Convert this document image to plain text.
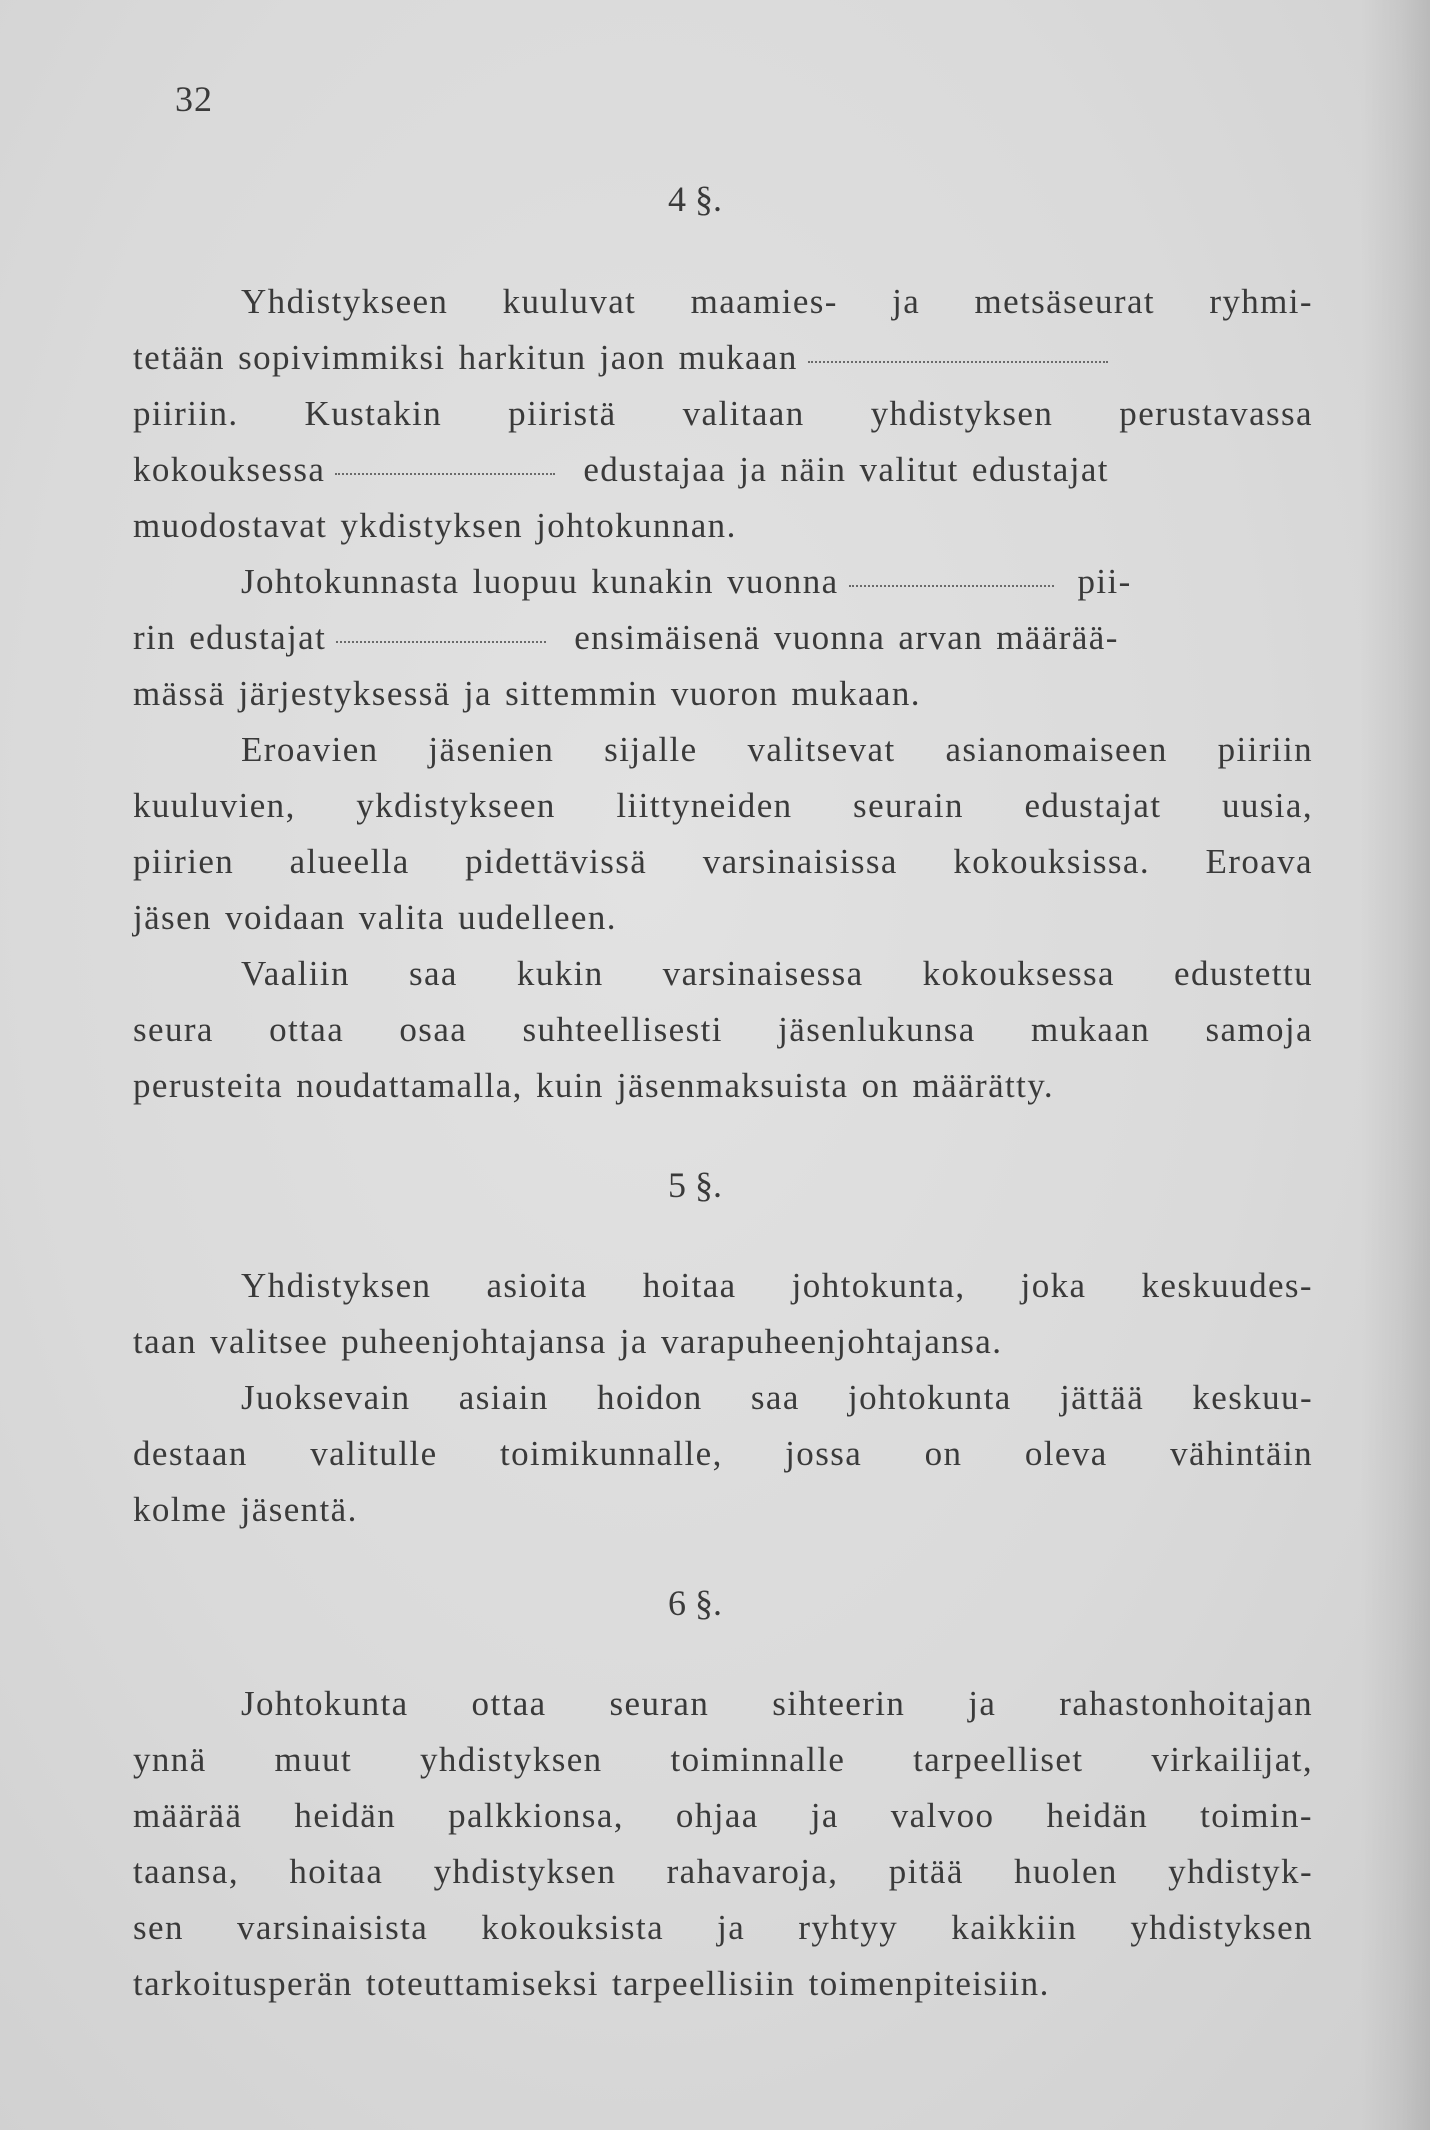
32
4 §.
Yhdistykseen kuuluvat maamies- ja metsäseurat ryhmi-
tetään sopivimmiksi harkitun jaon mukaan
piiriin. Kustakin piiristä valitaan yhdistyksen perustavassa
kokouksessa	edustajaa ja näin valitut edustajat
muodostavat ykdistyksen johtokunnan.
Johtokunnasta luopuu kunakin vuonna	pii-
rin edustajat	ensimäisenä vuonna arvan määrää-
mässä järjestyksessä ja sittemmin vuoron mukaan.
Eroavien jäsenien sijalle valitsevat asianomaiseen piiriin
kuuluvien, ykdistykseen liittyneiden seurain edustajat uusia,
piirien alueella pidettävissä varsinaisissa kokouksissa. Eroava
jäsen voidaan valita uudelleen.
Vaaliin saa kukin varsinaisessa kokouksessa edustettu
seura ottaa osaa suhteellisesti jäsenlukunsa mukaan samoja
perusteita noudattamalla, kuin jäsenmaksuista on määrätty.
5 §.
Yhdistyksen asioita hoitaa johtokunta, joka keskuudes-
taan valitsee puheenjohtajansa ja varapuheenjohtajansa.
Juoksevain asiain hoidon saa johtokunta jättää keskuu-
destaan valitulle toimikunnalle, jossa on oleva vähintäin
kolme jäsentä.
6 §.
Johtokunta ottaa seuran sihteerin ja rahastonhoitajan
ynnä muut yhdistyksen toiminnalle tarpeelliset virkailijat,
määrää heidän palkkionsa, ohjaa ja valvoo heidän toimin-
taansa, hoitaa yhdistyksen rahavaroja, pitää huolen yhdistyk-
sen varsinaisista kokouksista ja ryhtyy kaikkiin yhdistyksen
tarkoitusperän toteuttamiseksi tarpeellisiin toimenpiteisiin.
